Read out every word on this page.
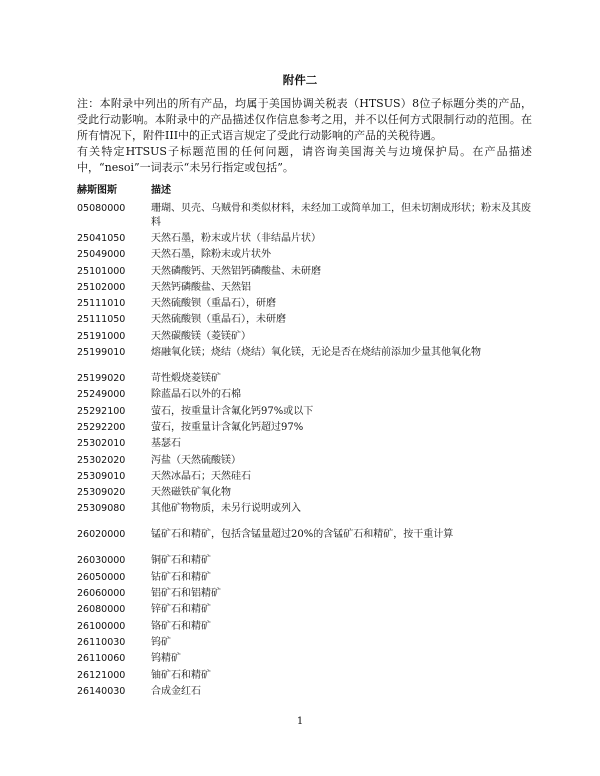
附件二

注：本附录中列出的所有产品，均属于美国协调关税表（HTSUS）8位子标题分类的产品，受此行动影响。本附录中的产品描述仅作信息参考之用，并不以任何方式限制行动的范围。在所有情况下，附件III中的正式语言规定了受此行动影响的产品的关税待遇。

有关特定HTSUS子标题范围的任何问题，请咨询美国海关与边境保护局。在产品描述中，“nesoi”一词表示“未另行指定或包括”。

赫斯图斯	描述
05080000	珊瑚、贝壳、乌贼骨和类似材料，未经加工或简单加工，但未切割成形状；粉末及其废料
25041050	天然石墨，粉末或片状（非结晶片状）
25049000	天然石墨，除粉末或片状外
25101000	天然磷酸钙、天然铝钙磷酸盐、未研磨
25102000	天然钙磷酸盐、天然铝
25111010	天然硫酸钡（重晶石），研磨
25111050	天然硫酸钡（重晶石），未研磨
25191000	天然碳酸镁（菱镁矿）
25199010	熔融氧化镁；烧结（烧结）氧化镁，无论是否在烧结前添加少量其他氧化物
25199020	苛性煅烧菱镁矿
25249000	除蓝晶石以外的石棉
25292100	萤石，按重量计含氟化钙97%或以下
25292200	萤石，按重量计含氟化钙超过97%
25302010	基瑟石
25302020	泻盐（天然硫酸镁）
25309010	天然冰晶石；天然硅石
25309020	天然磁铁矿氧化物
25309080	其他矿物物质，未另行说明或列入
26020000	锰矿石和精矿，包括含锰量超过20%的含锰矿石和精矿，按干重计算
26030000	铜矿石和精矿
26050000	钴矿石和精矿
26060000	铝矿石和铝精矿
26080000	锌矿石和精矿
26100000	铬矿石和精矿
26110030	钨矿
26110060	钨精矿
26121000	铀矿石和精矿
26140030	合成金红石
1
